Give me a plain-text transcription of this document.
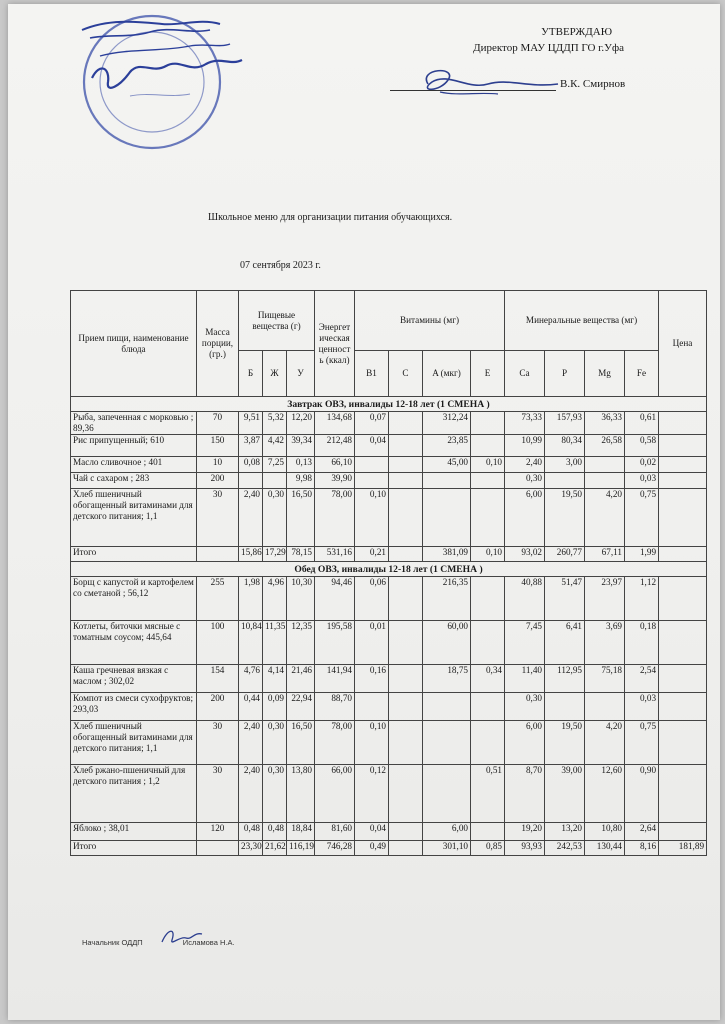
УТВЕРЖДАЮ
Директор МАУ ЦДДП ГО г.Уфа
В.К. Смирнов
Школьное меню для организации питания обучающихся.
07 сентября 2023 г.
Прием пищи, наименование блюда	Масса порции, (гр.)	Пищевые вещества (г)			Энергетическая ценность (ккал)	Витамины (мг)				Минеральные вещества (мг)				Цена
		Б	Ж	У		B1	C	A (мкг)	E	Ca	P	Mg	Fe	
Завтрак ОВЗ, инвалиды 12-18 лет (1 СМЕНА )														
Рыба, запеченная с морковью ; 89,36	70	9,51	5,32	12,20	134,68	0,07		312,24		73,33	157,93	36,33	0,61	
Рис припущенный; 610	150	3,87	4,42	39,34	212,48	0,04		23,85		10,99	80,34	26,58	0,58	
Масло сливочное ; 401	10	0,08	7,25	0,13	66,10			45,00	0,10	2,40	3,00		0,02	
Чай с сахаром ; 283	200			9,98	39,90					0,30			0,03	
Хлеб пшеничный обогащенный витаминами для детского питания; 1,1	30	2,40	0,30	16,50	78,00	0,10				6,00	19,50	4,20	0,75	
Итого		15,86	17,29	78,15	531,16	0,21		381,09	0,10	93,02	260,77	67,11	1,99	
Обед ОВЗ, инвалиды 12-18 лет (1 СМЕНА )														
Борщ с капустой и картофелем со сметаной ; 56,12	255	1,98	4,96	10,30	94,46	0,06		216,35		40,88	51,47	23,97	1,12	
Котлеты, биточки мясные с томатным соусом; 445,64	100	10,84	11,35	12,35	195,58	0,01		60,00		7,45	6,41	3,69	0,18	
Каша гречневая вязкая с маслом ; 302,02	154	4,76	4,14	21,46	141,94	0,16		18,75	0,34	11,40	112,95	75,18	2,54	
Компот из смеси сухофруктов; 293,03	200	0,44	0,09	22,94	88,70					0,30			0,03	
Хлеб пшеничный обогащенный витаминами для детского питания; 1,1	30	2,40	0,30	16,50	78,00	0,10				6,00	19,50	4,20	0,75	
Хлеб ржано-пшеничный для детского питания ; 1,2	30	2,40	0,30	13,80	66,00	0,12			0,51	8,70	39,00	12,60	0,90	
Яблоко ; 38,01	120	0,48	0,48	18,84	81,60	0,04		6,00		19,20	13,20	10,80	2,64	
Итого		23,30	21,62	116,19	746,28	0,49		301,10	0,85	93,93	242,53	130,44	8,16	181,89
Начальник ОДДП	Исламова Н.А.
